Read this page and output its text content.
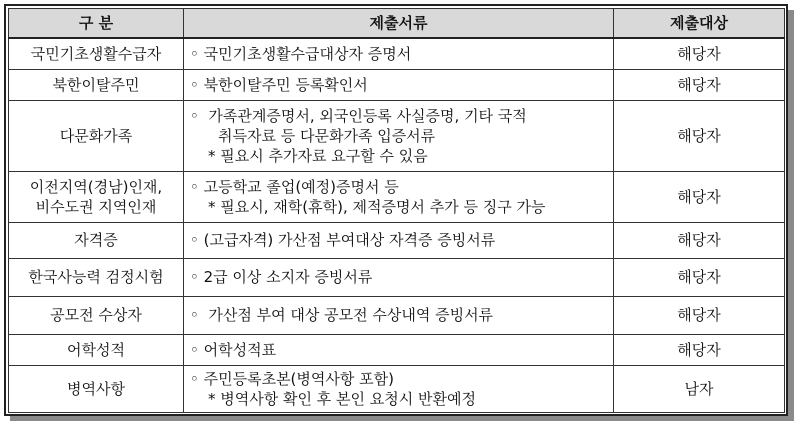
구 분	제출서류	제출대상

국민기초생활수급자	◦ 국민기초생활수급대상자 증명서	해당자

북한이탈주민	◦ 북한이탈주민 등록확인서	해당자

다문화가족	◦  가족관계증명서, 외국인등록 사실증명, 기타 국적
취득자료 등 다문화가족 입증서류
* 필요시 추가자료 요구할 수 있음	해당자

이전지역(경남)인재,
비수도권 지역인재	◦ 고등학교 졸업(예정)증명서 등
* 필요시, 재학(휴학), 제적증명서 추가 등 징구 가능	해당자

자격증	◦ (고급자격) 가산점 부여대상 자격증 증빙서류	해당자

한국사능력 검정시험	◦ 2급 이상 소지자 증빙서류	해당자

공모전 수상자	◦  가산점 부여 대상 공모전 수상내역 증빙서류	해당자

어학성적	◦ 어학성적표	해당자

병역사항	◦ 주민등록초본(병역사항 포함)
* 병역사항 확인 후 본인 요청시 반환예정	남자
